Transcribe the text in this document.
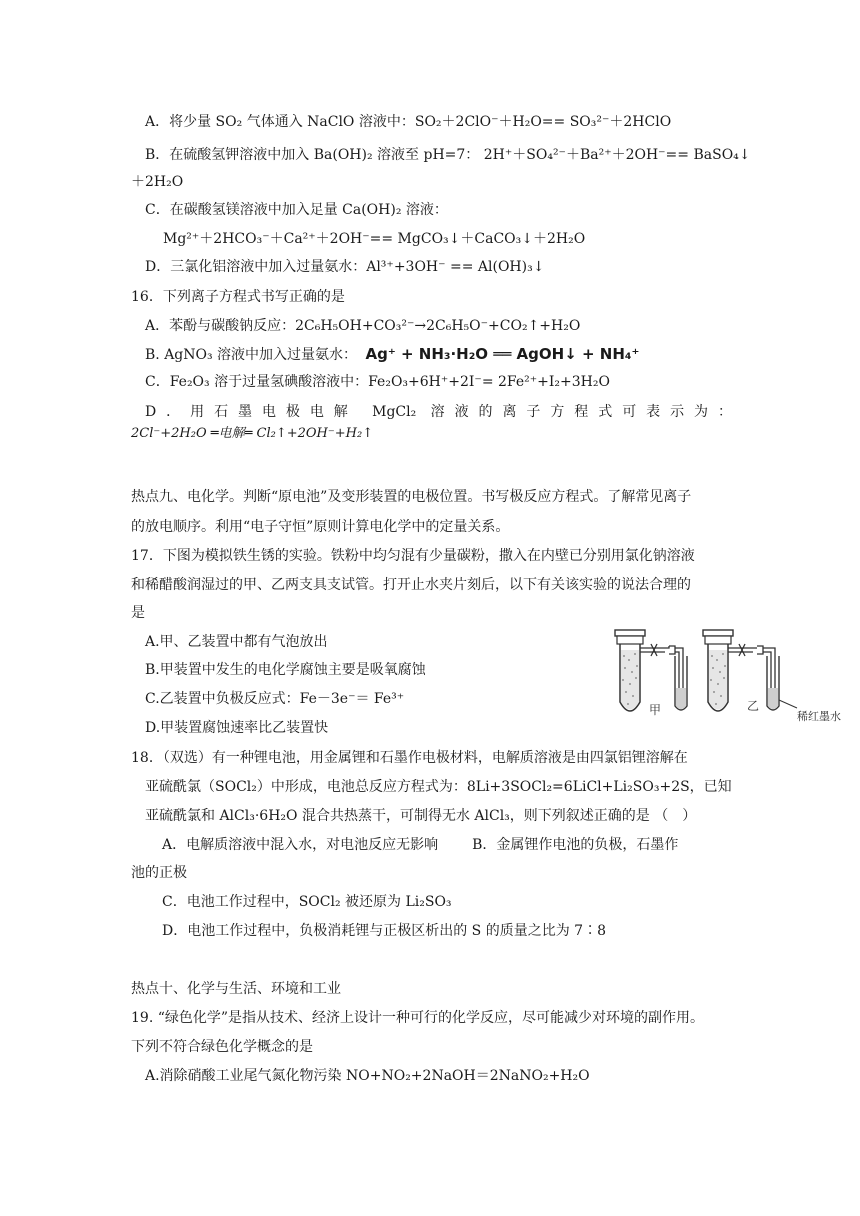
A．将少量 SO₂ 气体通入 NaClO 溶液中：SO₂＋2ClO⁻＋H₂O== SO₃²⁻＋2HClO
B．在硫酸氢钾溶液中加入 Ba(OH)₂ 溶液至 pH=7： 2H⁺＋SO₄²⁻＋Ba²⁺＋2OH⁻== BaSO₄↓
＋2H₂O
C．在碳酸氢镁溶液中加入足量 Ca(OH)₂ 溶液：
Mg²⁺＋2HCO₃⁻＋Ca²⁺＋2OH⁻== MgCO₃↓＋CaCO₃↓＋2H₂O
D．三氯化铝溶液中加入过量氨水：Al³⁺+3OH⁻ == Al(OH)₃↓
16．下列离子方程式书写正确的是
A．苯酚与碳酸钠反应：2C₆H₅OH+CO₃²⁻→2C₆H₅O⁻+CO₂↑+H₂O
B. AgNO₃ 溶液中加入过量氨水： Ag⁺ + NH₃·H₂O ══ AgOH↓ + NH₄⁺
C．Fe₂O₃ 溶于过量氢碘酸溶液中：Fe₂O₃+6H⁺+2I⁻= 2Fe²⁺+I₂+3H₂O
D．用石墨电极电解 MgCl₂ 溶液的离子方程式可表示为：
2Cl⁻+2H₂O ═电解═ Cl₂↑+2OH⁻+H₂↑
热点九、电化学。判断“原电池”及变形装置的电极位置。书写极反应方程式。了解常见离子
的放电顺序。利用“电子守恒”原则计算电化学中的定量关系。
17．下图为模拟铁生锈的实验。铁粉中均匀混有少量碳粉，撒入在内壁已分别用氯化钠溶液
和稀醋酸润湿过的甲、乙两支具支试管。打开止水夹片刻后，以下有关该实验的说法合理的
是
A.甲、乙装置中都有气泡放出
B.甲装置中发生的电化学腐蚀主要是吸氧腐蚀
C.乙装置中负极反应式：Fe－3e⁻＝ Fe³⁺
D.甲装置腐蚀速率比乙装置快
甲	乙
稀红墨水
18．（双选）有一种锂电池，用金属锂和石墨作电极材料，电解质溶液是由四氯铝锂溶解在
亚硫酰氯（SOCl₂）中形成，电池总反应方程式为：8Li+3SOCl₂=6LiCl+Li₂SO₃+2S，已知
亚硫酰氯和 AlCl₃·6H₂O 混合共热蒸干，可制得无水 AlCl₃，则下列叙述正确的是 （　）
A．电解质溶液中混入水，对电池反应无影响 B．金属锂作电池的负极，石墨作
池的正极
C．电池工作过程中，SOCl₂ 被还原为 Li₂SO₃
D．电池工作过程中，负极消耗锂与正极区析出的 S 的质量之比为 7∶8
热点十、化学与生活、环境和工业
19. “绿色化学”是指从技术、经济上设计一种可行的化学反应，尽可能减少对环境的副作用。
下列不符合绿色化学概念的是
A.消除硝酸工业尾气氮化物污染 NO+NO₂+2NaOH＝2NaNO₂+H₂O
